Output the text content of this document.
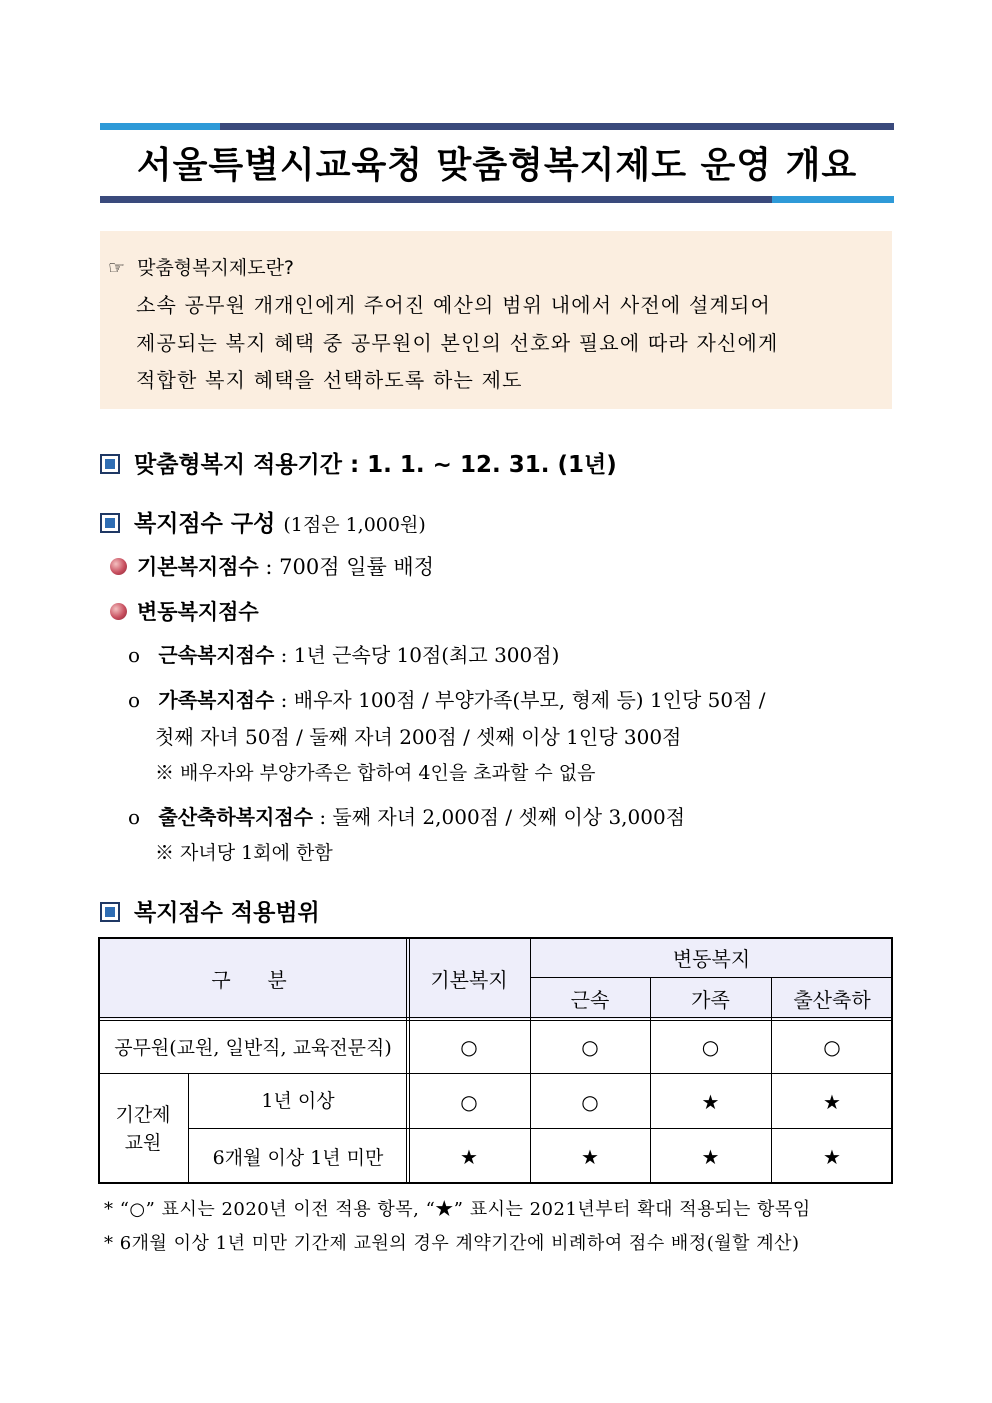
서울특별시교육청 맞춤형복지제도 운영 개요
☞ 맞춤형복지제도란?
소속 공무원 개개인에게 주어진 예산의 범위 내에서 사전에 설계되어
제공되는 복지 혜택 중 공무원이 본인의 선호와 필요에 따라 자신에게
적합한 복지 혜택을 선택하도록 하는 제도
맞춤형복지 적용기간 : 1. 1. ~ 12. 31. (1년)
복지점수 구성 (1점은 1,000원)
기본복지점수 : 700점 일률 배정
변동복지점수
o 근속복지점수 : 1년 근속당 10점(최고 300점)
o 가족복지점수 : 배우자 100점 / 부양가족(부모, 형제 등) 1인당 50점 /
첫째 자녀 50점 / 둘째 자녀 200점 / 셋째 이상 1인당 300점
※ 배우자와 부양가족은 합하여 4인을 초과할 수 없음
o 출산축하복지점수 : 둘째 자녀 2,000점 / 셋째 이상 3,000점
※ 자녀당 1회에 한함
복지점수 적용범위
구  분	기본복지
변동복지
근속	가족	출산축하
공무원(교원, 일반직, 교육전문직)	○	○	○	○
기간제
교원
1년 이상	○	○	★	★
6개월 이상 1년 미만	★	★	★	★
* “○” 표시는 2020년 이전 적용 항목, “★” 표시는 2021년부터 확대 적용되는 항목임
* 6개월 이상 1년 미만 기간제 교원의 경우 계약기간에 비례하여 점수 배정(월할 계산)
